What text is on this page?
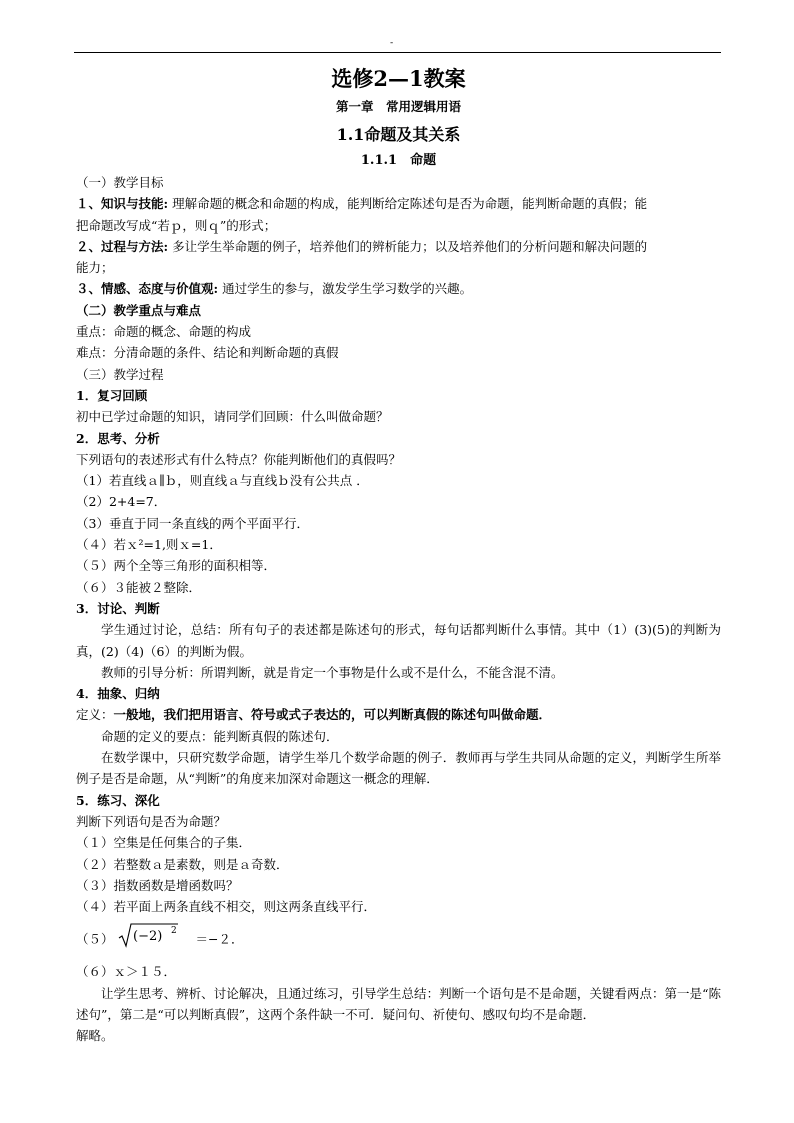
-

选修2—1教案

第一章　常用逻辑用语

1.1命题及其关系

1.1.1　命题

（一）教学目标

１、知识与技能: 理解命题的概念和命题的构成，能判断给定陈述句是否为命题，能判断命题的真假；能

把命题改写成“若ｐ，则ｑ”的形式；

２、过程与方法: 多让学生举命题的例子，培养他们的辨析能力；以及培养他们的分析问题和解决问题的

能力；

３、情感、态度与价值观: 通过学生的参与，激发学生学习数学的兴趣。

（二）教学重点与难点

重点：命题的概念、命题的构成

难点：分清命题的条件、结论和判断命题的真假

（三）教学过程

1．复习回顾

初中已学过命题的知识，请同学们回顾：什么叫做命题？

2．思考、分析

下列语句的表述形式有什么特点？你能判断他们的真假吗？

（1）若直线ａ∥ｂ，则直线ａ与直线ｂ没有公共点 ．

（2）2+4=7．

（3）垂直于同一条直线的两个平面平行．

（４）若ｘ²=1,则ｘ=1．

（５）两个全等三角形的面积相等．

（６）３能被２整除．

3．讨论、判断

学生通过讨论，总结：所有句子的表述都是陈述句的形式，每句话都判断什么事情。其中（1）(3)(5)的判断为真，(2)（4)（6）的判断为假。

教师的引导分析：所谓判断，就是肯定一个事物是什么或不是什么，不能含混不清。

4．抽象、归纳

定义：一般地，我们把用语言、符号或式子表达的，可以判断真假的陈述句叫做命题．

命题的定义的要点：能判断真假的陈述句．

在数学课中，只研究数学命题，请学生举几个数学命题的例子．教师再与学生共同从命题的定义，判断学生所举例子是否是命题，从“判断”的角度来加深对命题这一概念的理解．

5．练习、深化

判断下列语句是否为命题？

（１）空集是任何集合的子集．

（２）若整数ａ是素数，则是ａ奇数．

（３）指数函数是增函数吗？

（４）若平面上两条直线不相交，则这两条直线平行．

（５） (−2) 2
＝−２．

（６）ｘ＞１５．

让学生思考、辨析、讨论解决，且通过练习，引导学生总结：判断一个语句是不是命题，关键看两点：第一是“陈述句”，第二是“可以判断真假”，这两个条件缺一不可．疑问句、祈使句、感叹句均不是命题．

解略。
